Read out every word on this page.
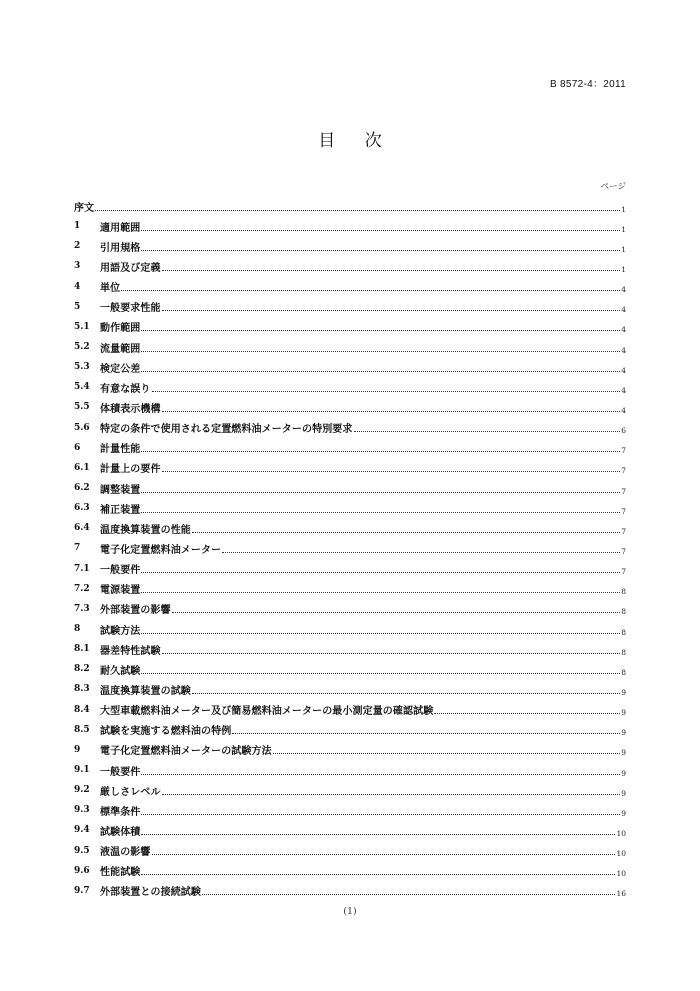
B 8572-4：2011
目 次
ページ
序文	1
1	適用範囲	1
2	引用規格	1
3	用語及び定義	1
4	単位	4
5	一般要求性能	4
5.1	動作範囲	4
5.2	流量範囲	4
5.3	検定公差	4
5.4	有意な誤り	4
5.5	体積表示機構	4
5.6	特定の条件で使用される定置燃料油メーターの特別要求	6
6	計量性能	7
6.1	計量上の要件	7
6.2	調整装置	7
6.3	補正装置	7
6.4	温度換算装置の性能	7
7	電子化定置燃料油メーター	7
7.1	一般要件	7
7.2	電源装置	8
7.3	外部装置の影響	8
8	試験方法	8
8.1	器差特性試験	8
8.2	耐久試験	8
8.3	温度換算装置の試験	9
8.4	大型車載燃料油メーター及び簡易燃料油メーターの最小測定量の確認試験	9
8.5	試験を実施する燃料油の特例	9
9	電子化定置燃料油メーターの試験方法	9
9.1	一般要件	9
9.2	厳しさレベル	9
9.3	標準条件	9
9.4	試験体積	10
9.5	液温の影響	10
9.6	性能試験	10
9.7	外部装置との接続試験	16
(1)
